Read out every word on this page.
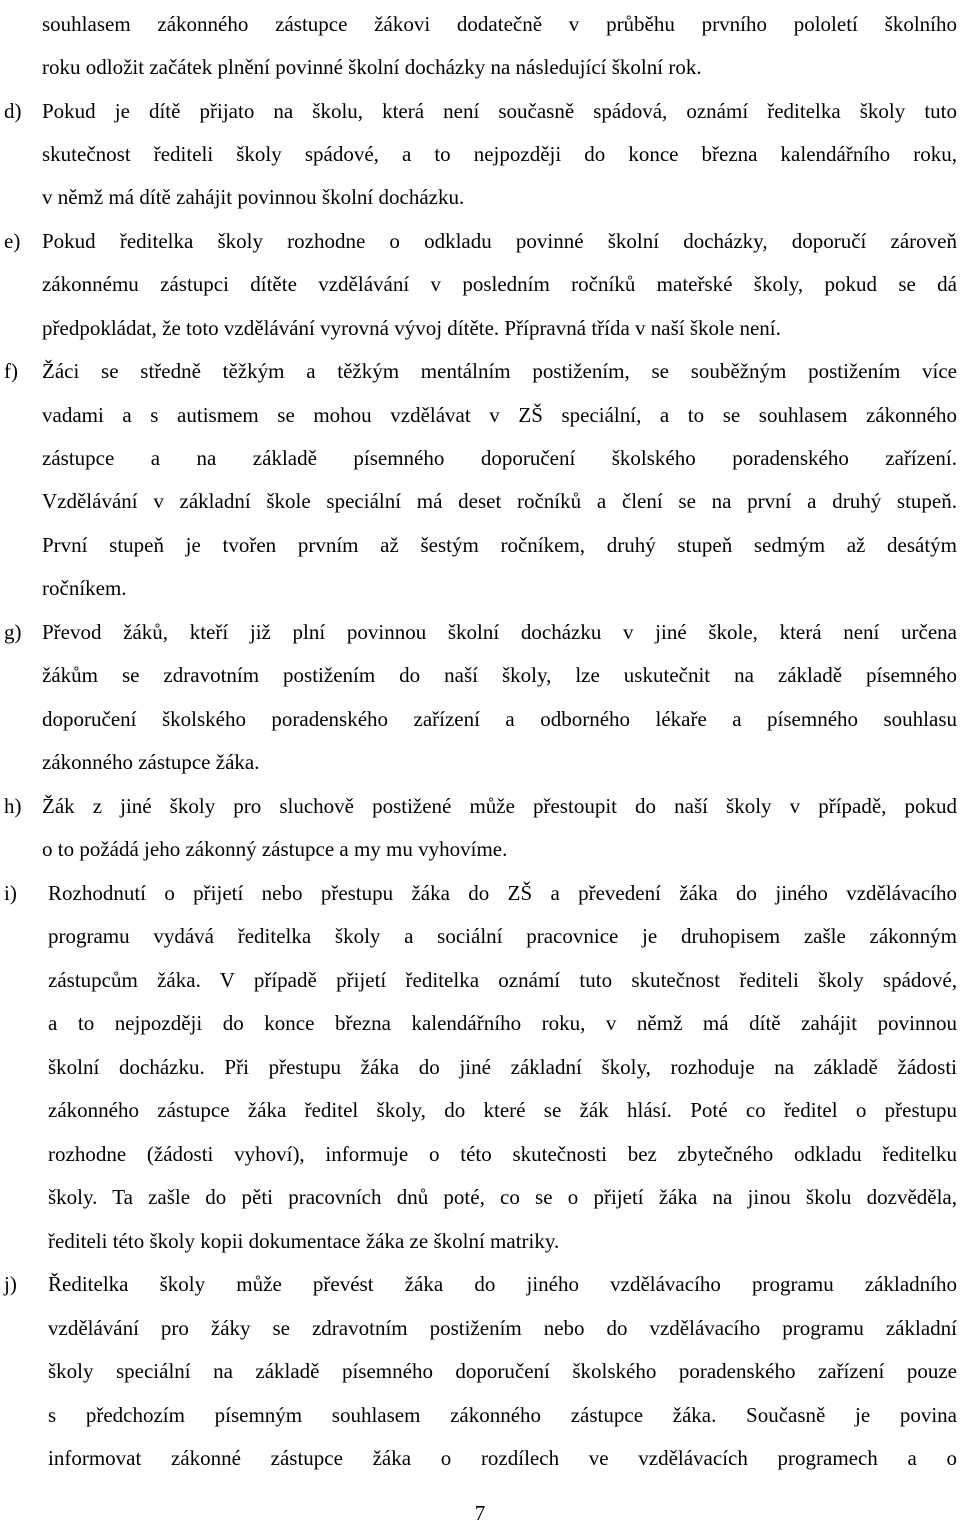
souhlasem zákonného zástupce žákovi dodatečně v průběhu prvního pololetí školního
roku odložit začátek plnění povinné školní docházky na následující školní rok.
d) Pokud je dítě přijato na školu, která není současně spádová, oznámí ředitelka školy tuto
skutečnost řediteli školy spádové, a to nejpozději do konce března kalendářního roku,
v němž má dítě zahájit povinnou školní docházku.
e) Pokud ředitelka školy rozhodne o odkladu povinné školní docházky, doporučí zároveň
zákonnému zástupci dítěte vzdělávání v posledním ročníků mateřské školy, pokud se dá
předpokládat, že toto vzdělávání vyrovná vývoj dítěte. Přípravná třída v naší škole není.
f) Žáci se středně těžkým a těžkým mentálním postižením, se souběžným postižením více
vadami a s autismem se mohou vzdělávat v ZŠ speciální, a to se souhlasem zákonného
zástupce a na základě písemného doporučení školského poradenského zařízení.
Vzdělávání v základní škole speciální má deset ročníků a člení se na první a druhý stupeň.
První stupeň je tvořen prvním až šestým ročníkem, druhý stupeň sedmým až desátým
ročníkem.
g) Převod žáků, kteří již plní povinnou školní docházku v jiné škole, která není určena
žákům se zdravotním postižením do naší školy, lze uskutečnit na základě písemného
doporučení školského poradenského zařízení a odborného lékaře a písemného souhlasu
zákonného zástupce žáka.
h) Žák z jiné školy pro sluchově postižené může přestoupit do naší školy v případě, pokud
o to požádá jeho zákonný zástupce a my mu vyhovíme.
i) Rozhodnutí o přijetí nebo přestupu žáka do ZŠ a převedení žáka do jiného vzdělávacího
programu vydává ředitelka školy a sociální pracovnice je druhopisem zašle zákonným
zástupcům žáka. V případě přijetí ředitelka oznámí tuto skutečnost řediteli školy spádové,
a to nejpozději do konce března kalendářního roku, v němž má dítě zahájit povinnou
školní docházku. Při přestupu žáka do jiné základní školy, rozhoduje na základě žádosti
zákonného zástupce žáka ředitel školy, do které se žák hlásí. Poté co ředitel o přestupu
rozhodne (žádosti vyhoví), informuje o této skutečnosti bez zbytečného odkladu ředitelku
školy. Ta zašle do pěti pracovních dnů poté, co se o přijetí žáka na jinou školu dozvěděla,
řediteli této školy kopii dokumentace žáka ze školní matriky.
j) Ředitelka školy může převést žáka do jiného vzdělávacího programu základního
vzdělávání pro žáky se zdravotním postižením nebo do vzdělávacího programu základní
školy speciální na základě písemného doporučení školského poradenského zařízení pouze
s předchozím písemným souhlasem zákonného zástupce žáka. Současně je povina
informovat zákonné zástupce žáka o rozdílech ve vzdělávacích programech a o
7
